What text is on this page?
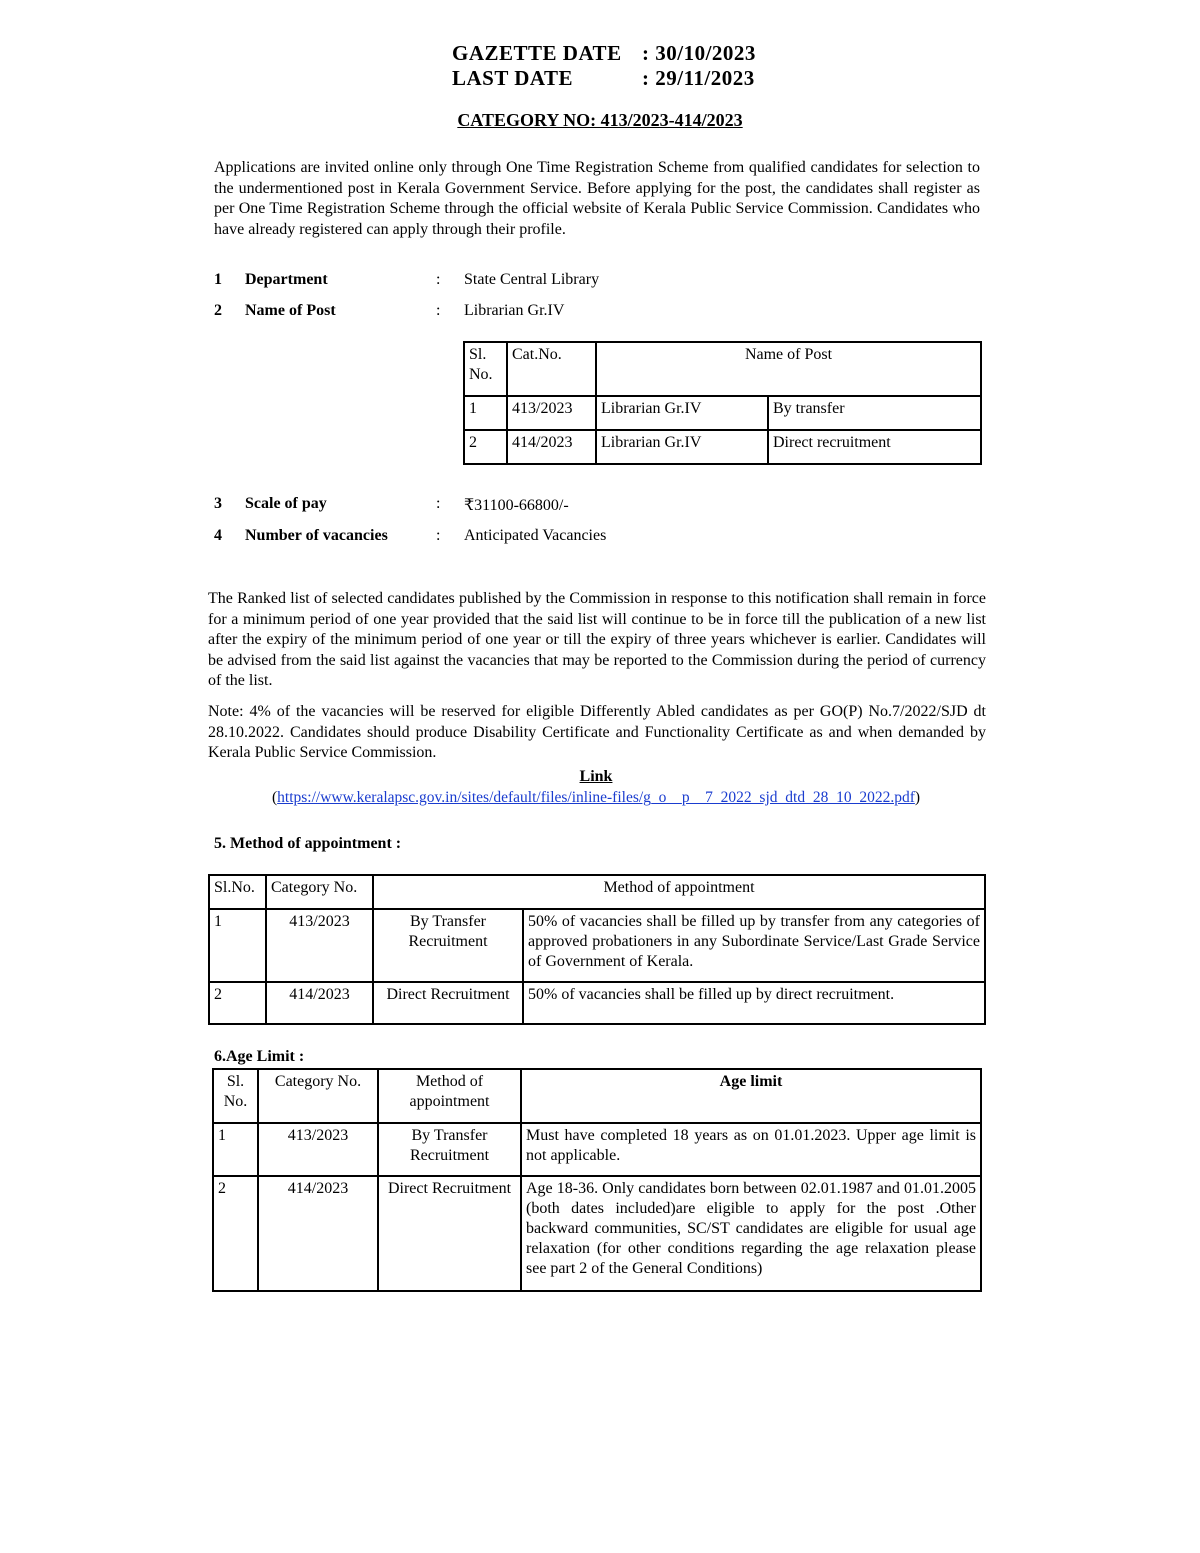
GAZETTE DATE : 30/10/2023
LAST DATE	: 29/11/2023
CATEGORY NO: 413/2023-414/2023
Applications are invited online only through One Time Registration Scheme from qualified candidates for selection to the undermentioned post in Kerala Government Service. Before applying for the post, the candidates shall register as per One Time Registration Scheme through the official website of Kerala Public Service Commission. Candidates who have already registered can apply through their profile.
1 Department	: State Central Library
2 Name of Post	: Librarian Gr.IV
Sl. No.	Cat.No.	Name of Post	
1	413/2023	Librarian Gr.IV	By transfer
2	414/2023	Librarian Gr.IV	Direct recruitment
3 Scale of pay	: ₹31100-66800/-
4 Number of vacancies	: Anticipated Vacancies
The Ranked list of selected candidates published by the Commission in response to this notification shall remain in force for a minimum period of one year provided that the said list will continue to be in force till the publication of a new list after the expiry of the minimum period of one year or till the expiry of three years whichever is earlier. Candidates will be advised from the said list against the vacancies that may be reported to the Commission during the period of currency of the list.
Note: 4% of the vacancies will be reserved for eligible Differently Abled candidates as per GO(P) No.7/2022/SJD dt 28.10.2022. Candidates should produce Disability Certificate and Functionality Certificate as and when demanded by Kerala Public Service Commission.
Link
(https://www.keralapsc.gov.in/sites/default/files/inline-files/g_o__p__7_2022_sjd_dtd_28_10_2022.pdf)
5. Method of appointment :
Sl.No.	Category No.	Method of appointment	
1	413/2023	By Transfer Recruitment	50% of vacancies shall be filled up by transfer from any categories of approved probationers in any Subordinate Service/Last Grade Service of Government of Kerala.
2	414/2023	Direct Recruitment	50% of vacancies shall be filled up by direct recruitment.
6.Age Limit :
Sl. No.	Category No.	Method of appointment	Age limit
1	413/2023	By Transfer Recruitment	Must have completed 18 years as on 01.01.2023. Upper age limit is not applicable.
2	414/2023	Direct Recruitment	Age 18-36. Only candidates born between 02.01.1987 and 01.01.2005 (both dates included)are eligible to apply for the post .Other backward communities, SC/ST candidates are eligible for usual age relaxation (for other conditions regarding the age relaxation please see part 2 of the General Conditions)
